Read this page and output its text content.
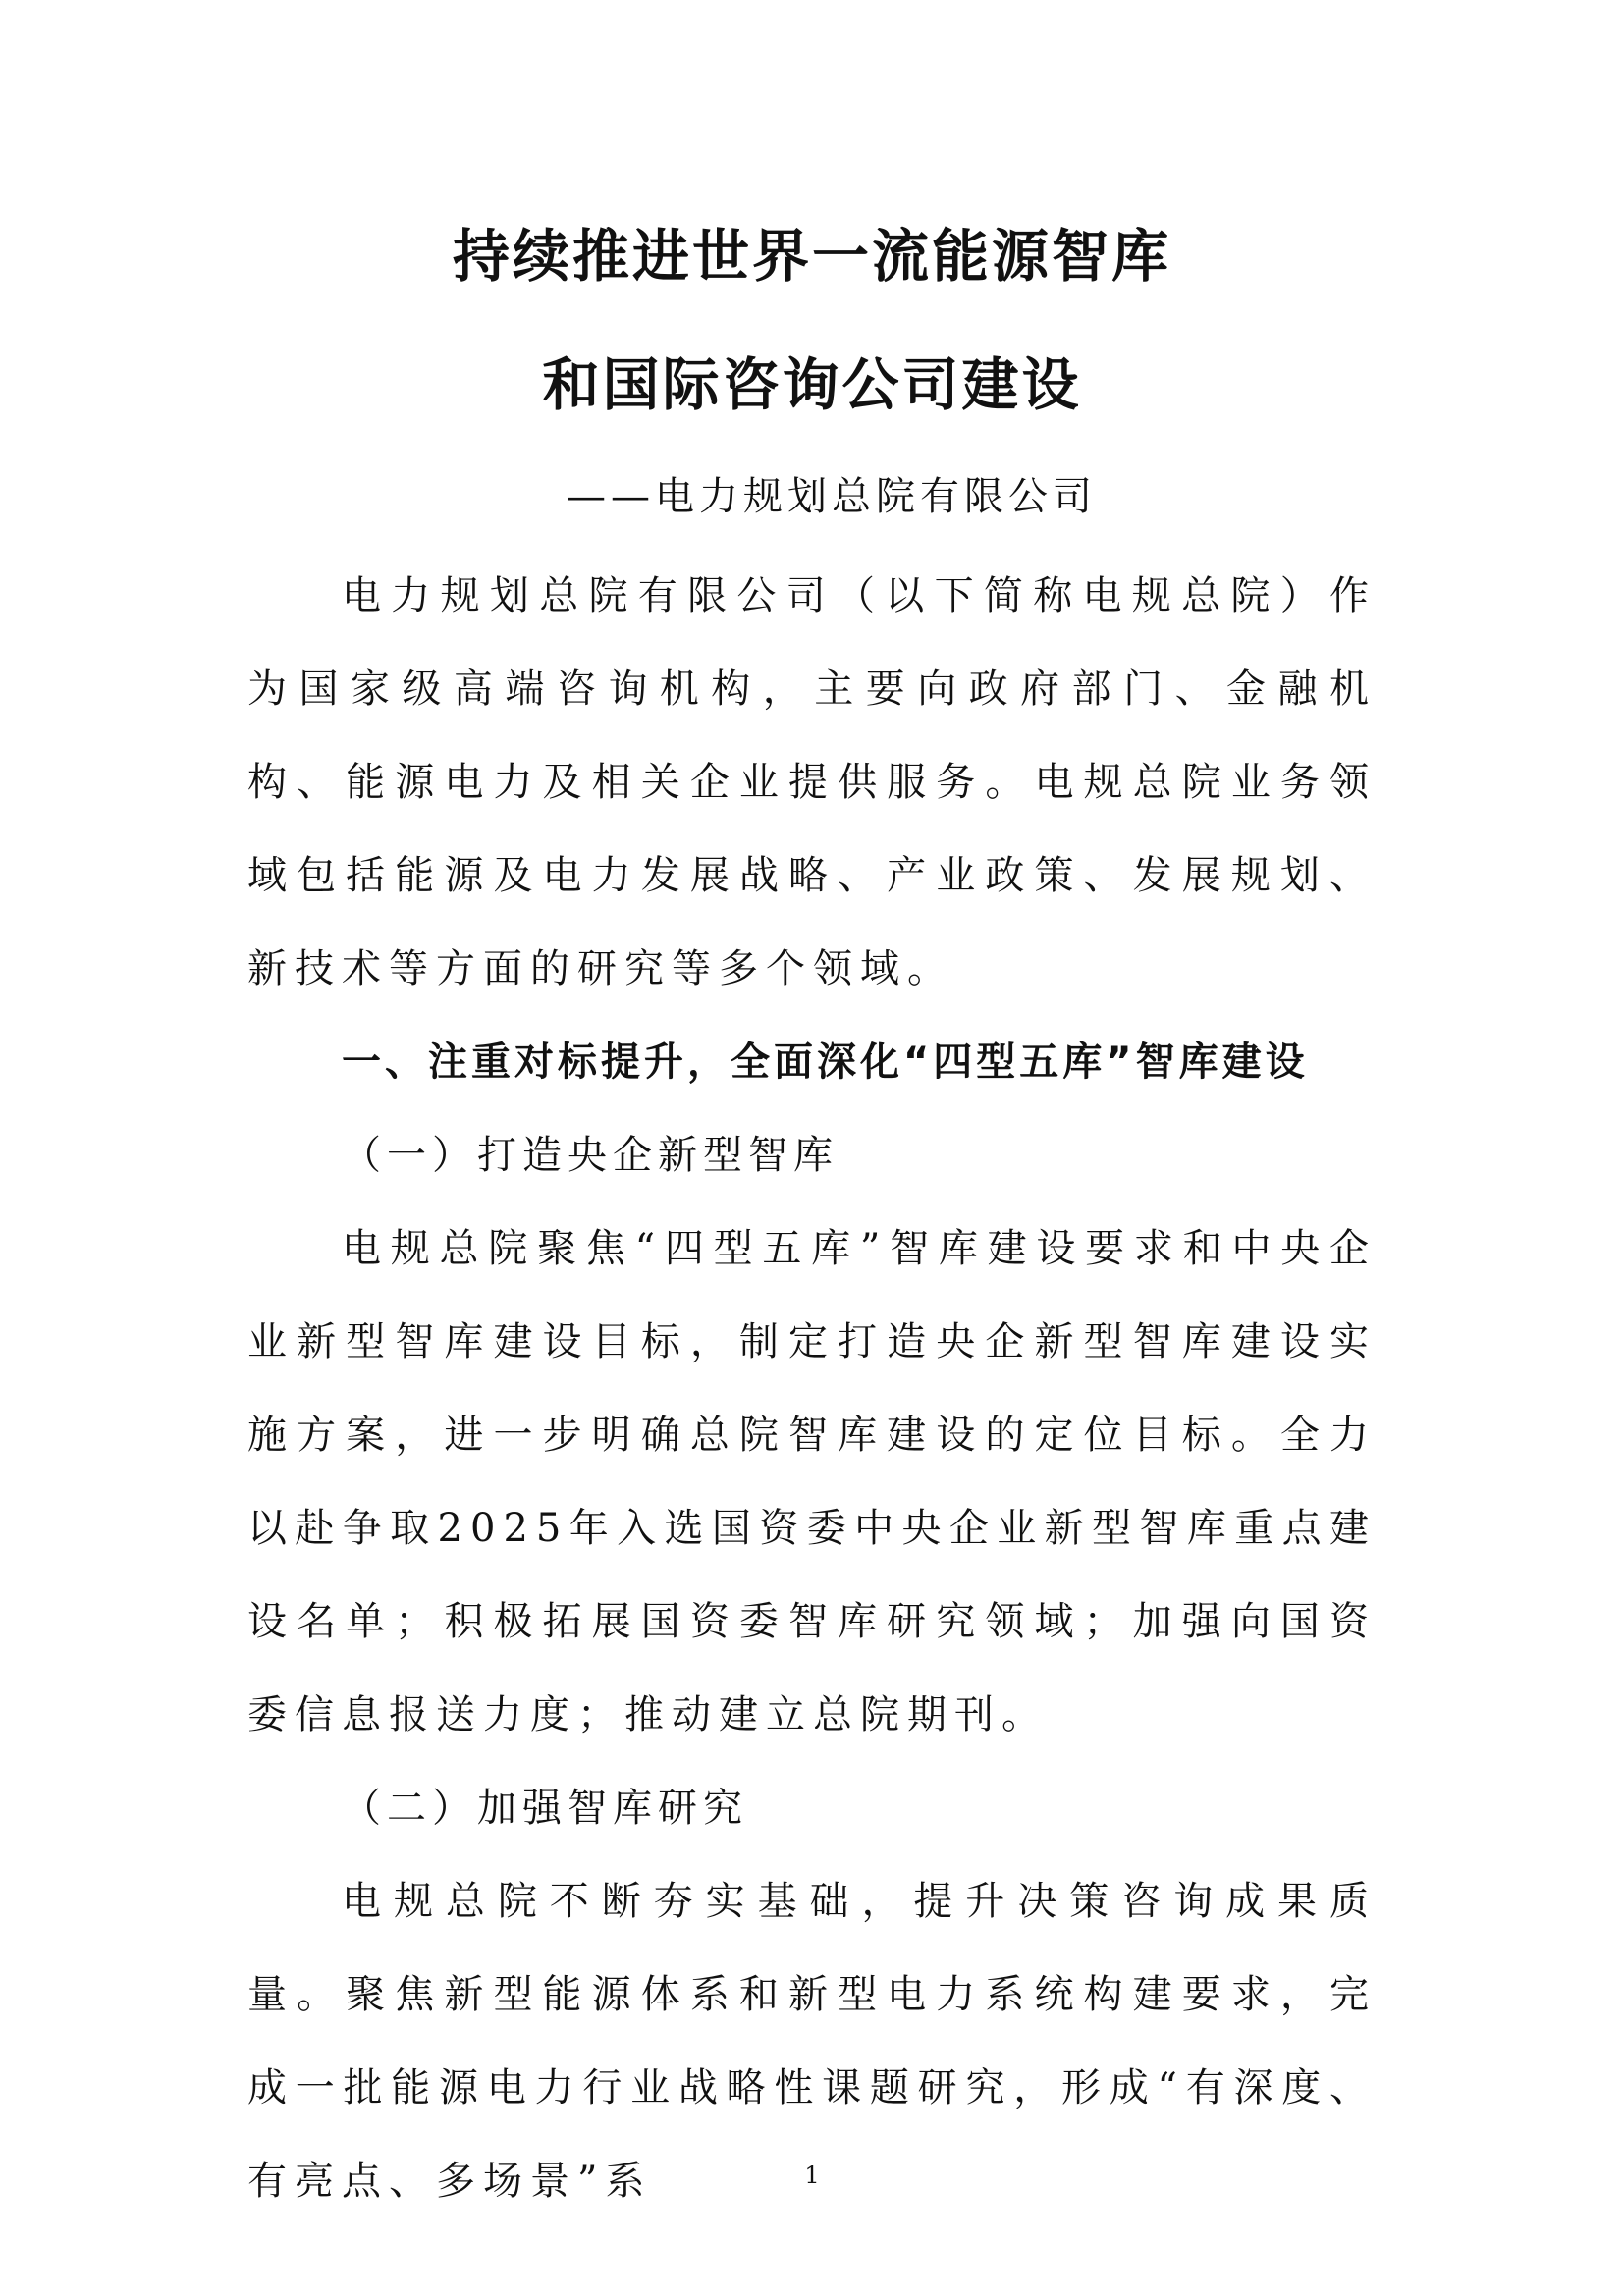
持续推进世界一流能源智库
和国际咨询公司建设
——电力规划总院有限公司

电力规划总院有限公司（以下简称电规总院）作为国家级高端咨询机构，主要向政府部门、金融机构、能源电力及相关企业提供服务。电规总院业务领域包括能源及电力发展战略、产业政策、发展规划、新技术等方面的研究等多个领域。

一、注重对标提升，全面深化“四型五库”智库建设

（一）打造央企新型智库

电规总院聚焦“四型五库”智库建设要求和中央企业新型智库建设目标，制定打造央企新型智库建设实施方案，进一步明确总院智库建设的定位目标。全力以赴争取2025年入选国资委中央企业新型智库重点建设名单；积极拓展国资委智库研究领域；加强向国资委信息报送力度；推动建立总院期刊。

（二）加强智库研究

电规总院不断夯实基础，提升决策咨询成果质量。聚焦新型能源体系和新型电力系统构建要求，完成一批能源电力行业战略性课题研究，形成“有深度、有亮点、多场景”系	1
